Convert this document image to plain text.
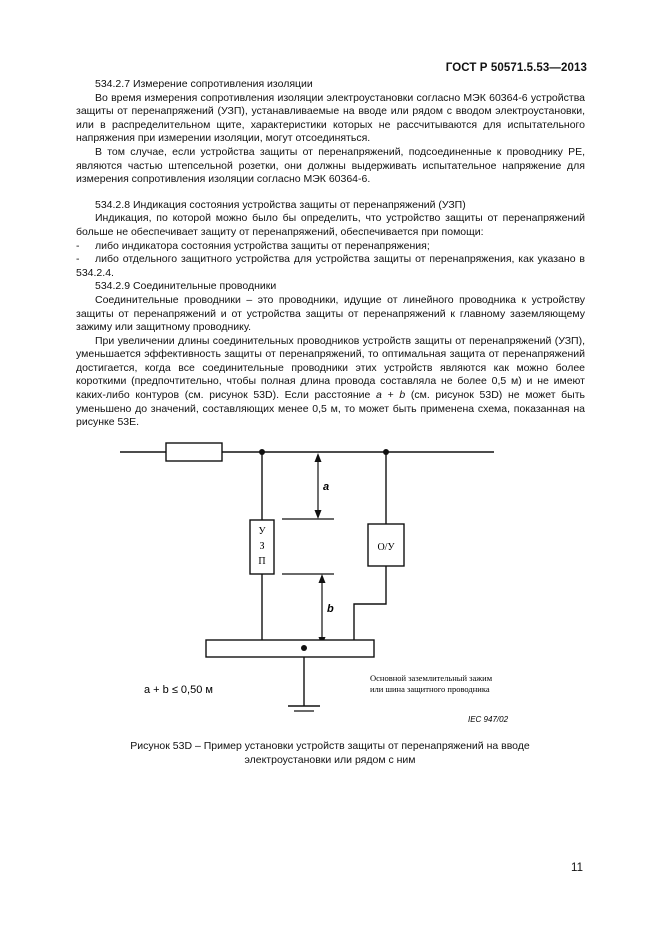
ГОСТ Р 50571.5.53—2013

534.2.7 Измерение сопротивления изоляции

Во время измерения сопротивления изоляции электроустановки согласно МЭК 60364-6 устройства защиты от перенапряжений (УЗП), устанавливаемые на вводе или рядом с вводом электроустановки, или в распределительном щите, характеристики которых не рассчитываются для испытательного напряжения при измерении изоляции, могут отсоединяться.

В том случае, если устройства защиты от перенапряжений, подсоединенные к проводнику PE, являются частью штепсельной розетки, они должны выдерживать испытательное напряжение для измерения сопротивления изоляции согласно МЭК 60364-6.

534.2.8 Индикация состояния устройства защиты от перенапряжений (УЗП)

Индикация, по которой можно было бы определить, что устройство защиты от перенапряжений больше не обеспечивает защиту от перенапряжений, обеспечивается при помощи:

- либо индикатора состояния устройства защиты от перенапряжения;

- либо отдельного защитного устройства для устройства защиты от перенапряжения, как указано в 534.2.4.

534.2.9 Соединительные проводники

Соединительные проводники – это проводники, идущие от линейного проводника к устройству защиты от перенапряжений и от устройства защиты от перенапряжений к главному заземляющему зажиму или защитному проводнику.

При увеличении длины соединительных проводников устройств защиты от перенапряжений (УЗП), уменьшается эффективность защиты от перенапряжений, то оптимальная защита от перенапряжений достигается, когда все соединительные проводники этих устройств являются как можно более короткими (предпочтительно, чтобы полная длина провода составляла не более 0,5 м) и не имеют каких-либо контуров (см. рисунок 53D). Если расстояние a + b (см. рисунок 53D) не может быть уменьшено до значений, составляющих менее 0,5 м, то может быть применена схема, показанная на рисунке 53E.

У
З
П
О/У
a
b
a + b ≤ 0,50 м
Основной заземлительный зажим
или шина защитного проводника
IEC 947/02
Рисунок 53D – Пример установки устройств защиты от перенапряжений на вводе
электроустановки или рядом с ним
11
